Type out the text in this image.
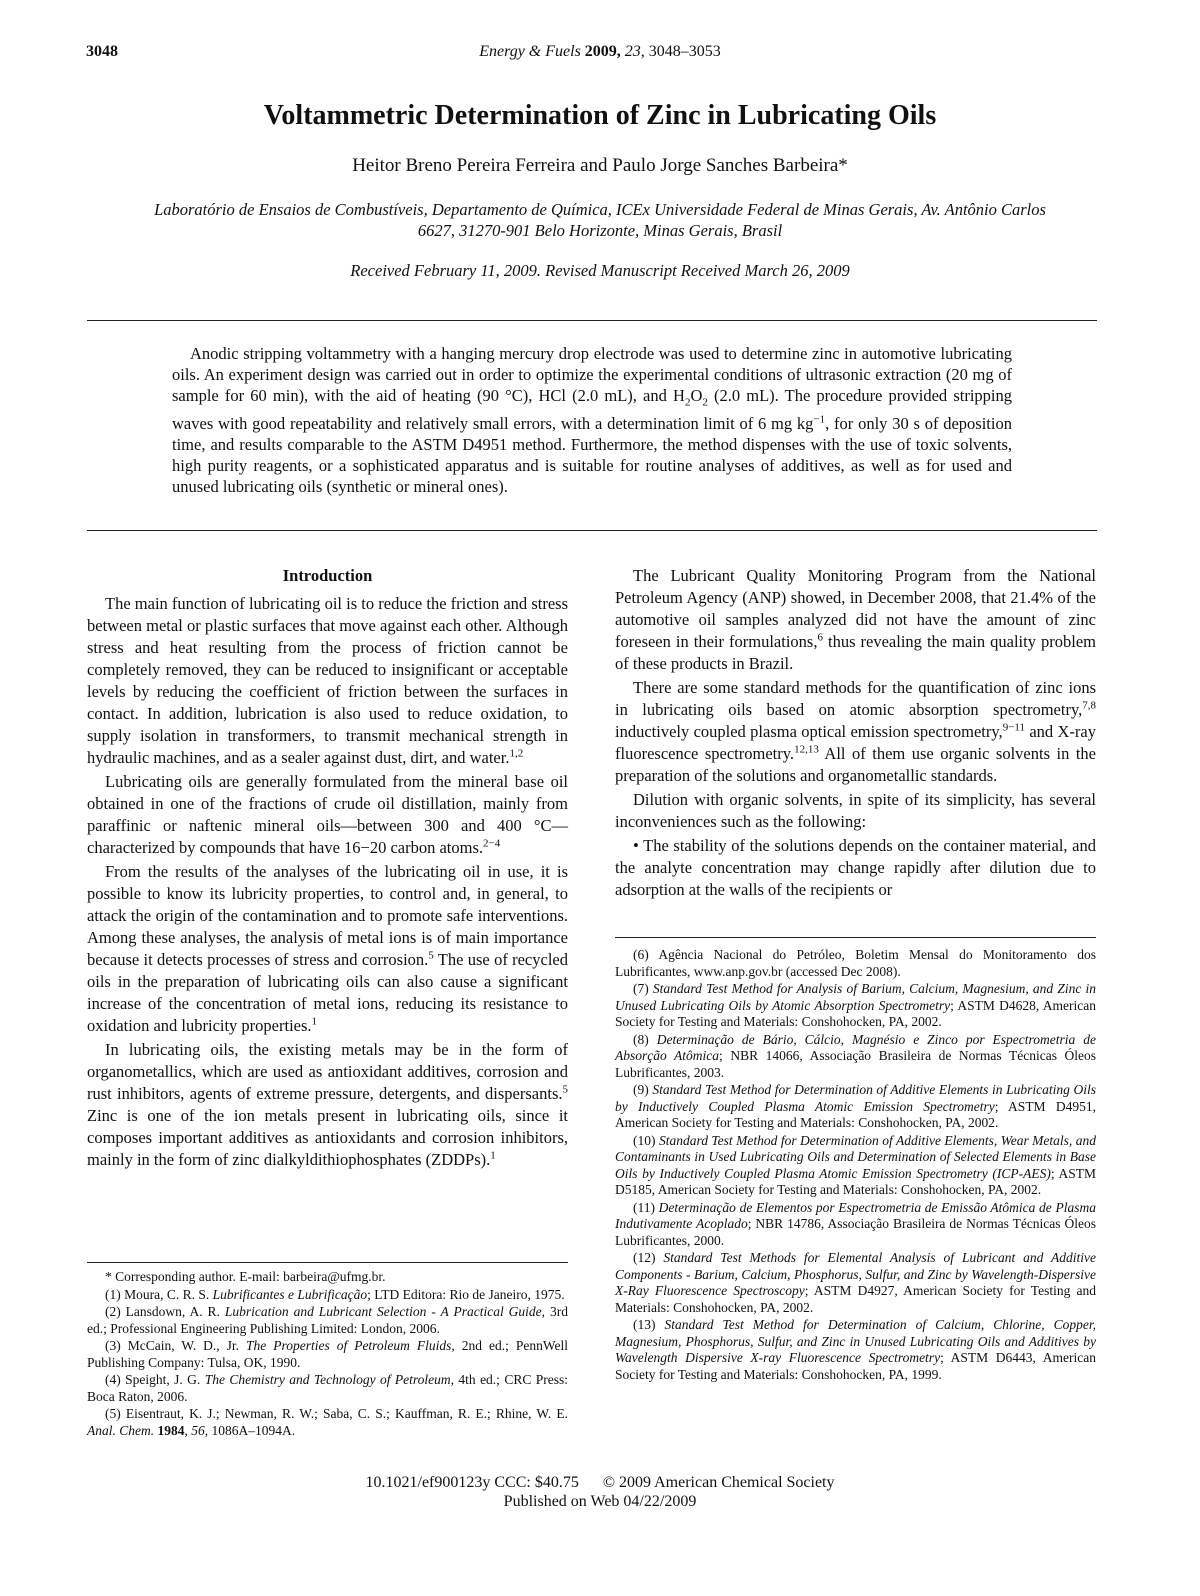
3048	Energy & Fuels 2009, 23, 3048–3053
Voltammetric Determination of Zinc in Lubricating Oils
Heitor Breno Pereira Ferreira and Paulo Jorge Sanches Barbeira*
Laboratório de Ensaios de Combustíveis, Departamento de Química, ICEx Universidade Federal de Minas Gerais, Av. Antônio Carlos 6627, 31270-901 Belo Horizonte, Minas Gerais, Brasil
Received February 11, 2009. Revised Manuscript Received March 26, 2009

Anodic stripping voltammetry with a hanging mercury drop electrode was used to determine zinc in automotive lubricating oils. An experiment design was carried out in order to optimize the experimental conditions of ultrasonic extraction (20 mg of sample for 60 min), with the aid of heating (90 °C), HCl (2.0 mL), and $H_2O_2$ (2.0 mL). The procedure provided stripping waves with good repeatability and relatively small errors, with a determination limit of 6 mg $kg^{-1}$, for only 30 s of deposition time, and results comparable to the ASTM D4951 method. Furthermore, the method dispenses with the use of toxic solvents, high purity reagents, or a sophisticated apparatus and is suitable for routine analyses of additives, as well as for used and unused lubricating oils (synthetic or mineral ones).

Introduction

The main function of lubricating oil is to reduce the friction and stress between metal or plastic surfaces that move against each other. Although stress and heat resulting from the process of friction cannot be completely removed, they can be reduced to insignificant or acceptable levels by reducing the coefficient of friction between the surfaces in contact. In addition, lubrication is also used to reduce oxidation, to supply isolation in transformers, to transmit mechanical strength in hydraulic machines, and as a sealer against dust, dirt, and water.$^{1,2}$

Lubricating oils are generally formulated from the mineral base oil obtained in one of the fractions of crude oil distillation, mainly from paraffinic or naftenic mineral oils—between 300 and 400 °C—characterized by compounds that have 16−20 carbon atoms.$^{2-4}$

From the results of the analyses of the lubricating oil in use, it is possible to know its lubricity properties, to control and, in general, to attack the origin of the contamination and to promote safe interventions. Among these analyses, the analysis of metal ions is of main importance because it detects processes of stress and corrosion.$^5$ The use of recycled oils in the preparation of lubricating oils can also cause a significant increase of the concentration of metal ions, reducing its resistance to oxidation and lubricity properties.$^1$

In lubricating oils, the existing metals may be in the form of organometallics, which are used as antioxidant additives, corrosion and rust inhibitors, agents of extreme pressure, detergents, and dispersants.$^5$ Zinc is one of the ion metals present in lubricating oils, since it composes important additives as antioxidants and corrosion inhibitors, mainly in the form of zinc dialkyldithiophosphates (ZDDPs).$^1$

* Corresponding author. E-mail: barbeira@ufmg.br.

(1) Moura, C. R. S. Lubrificantes e Lubrificação; LTD Editora: Rio de Janeiro, 1975.

(2) Lansdown, A. R. Lubrication and Lubricant Selection - A Practical Guide, 3rd ed.; Professional Engineering Publishing Limited: London, 2006.

(3) McCain, W. D., Jr. The Properties of Petroleum Fluids, 2nd ed.; PennWell Publishing Company: Tulsa, OK, 1990.

(4) Speight, J. G. The Chemistry and Technology of Petroleum, 4th ed.; CRC Press: Boca Raton, 2006.

(5) Eisentraut, K. J.; Newman, R. W.; Saba, C. S.; Kauffman, R. E.; Rhine, W. E. Anal. Chem. 1984, 56, 1086A–1094A.

The Lubricant Quality Monitoring Program from the National Petroleum Agency (ANP) showed, in December 2008, that 21.4% of the automotive oil samples analyzed did not have the amount of zinc foreseen in their formulations,$^6$ thus revealing the main quality problem of these products in Brazil.

There are some standard methods for the quantification of zinc ions in lubricating oils based on atomic absorption spectrometry,$^{7,8}$ inductively coupled plasma optical emission spectrometry,$^{9-11}$ and X-ray fluorescence spectrometry.$^{12,13}$ All of them use organic solvents in the preparation of the solutions and organometallic standards.

Dilution with organic solvents, in spite of its simplicity, has several inconveniences such as the following:

• The stability of the solutions depends on the container material, and the analyte concentration may change rapidly after dilution due to adsorption at the walls of the recipients or

(6) Agência Nacional do Petróleo, Boletim Mensal do Monitoramento dos Lubrificantes, www.anp.gov.br (accessed Dec 2008).

(7) Standard Test Method for Analysis of Barium, Calcium, Magnesium, and Zinc in Unused Lubricating Oils by Atomic Absorption Spectrometry; ASTM D4628, American Society for Testing and Materials: Conshohocken, PA, 2002.

(8) Determinação de Bário, Cálcio, Magnésio e Zinco por Espectrometria de Absorção Atômica; NBR 14066, Associação Brasileira de Normas Técnicas Óleos Lubrificantes, 2003.

(9) Standard Test Method for Determination of Additive Elements in Lubricating Oils by Inductively Coupled Plasma Atomic Emission Spectrometry; ASTM D4951, American Society for Testing and Materials: Conshohocken, PA, 2002.

(10) Standard Test Method for Determination of Additive Elements, Wear Metals, and Contaminants in Used Lubricating Oils and Determination of Selected Elements in Base Oils by Inductively Coupled Plasma Atomic Emission Spectrometry (ICP-AES); ASTM D5185, American Society for Testing and Materials: Conshohocken, PA, 2002.

(11) Determinação de Elementos por Espectrometria de Emissão Atômica de Plasma Indutivamente Acoplado; NBR 14786, Associação Brasileira de Normas Técnicas Óleos Lubrificantes, 2000.

(12) Standard Test Methods for Elemental Analysis of Lubricant and Additive Components - Barium, Calcium, Phosphorus, Sulfur, and Zinc by Wavelength-Dispersive X-Ray Fluorescence Spectroscopy; ASTM D4927, American Society for Testing and Materials: Conshohocken, PA, 2002.

(13) Standard Test Method for Determination of Calcium, Chlorine, Copper, Magnesium, Phosphorus, Sulfur, and Zinc in Unused Lubricating Oils and Additives by Wavelength Dispersive X-ray Fluorescence Spectrometry; ASTM D6443, American Society for Testing and Materials: Conshohocken, PA, 1999.

10.1021/ef900123y CCC: $40.75 © 2009 American Chemical Society
Published on Web 04/22/2009
